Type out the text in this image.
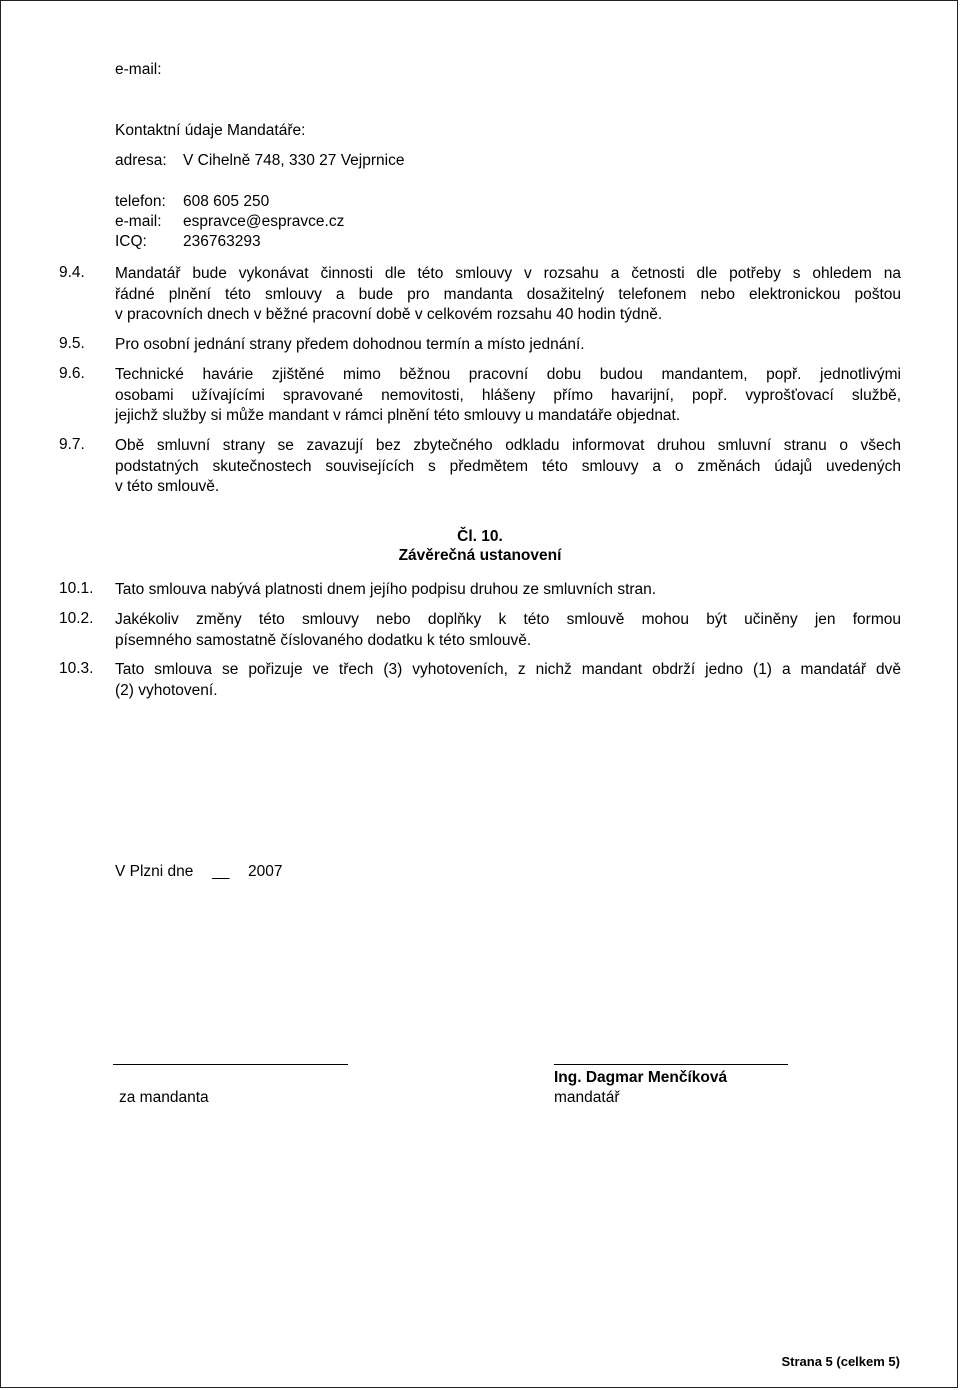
e-mail:
Kontaktní údaje Mandatáře:
adresa: V Cihelně 748, 330 27 Vejprnice
telefon: 608 605 250
e-mail: espravce@espravce.cz
ICQ: 236763293
9.4. Mandatář bude vykonávat činnosti dle této smlouvy v rozsahu a četnosti dle potřeby s ohledem na
řádné plnění této smlouvy a bude pro mandanta dosažitelný telefonem nebo elektronickou poštou
v pracovních dnech v běžné pracovní době v celkovém rozsahu 40 hodin týdně.
9.5. Pro osobní jednání strany předem dohodnou termín a místo jednání.
9.6. Technické havárie zjištěné mimo běžnou pracovní dobu budou mandantem, popř. jednotlivými
osobami užívajícími spravované nemovitosti, hlášeny přímo havarijní, popř. vyprošťovací službě,
jejichž služby si může mandant v rámci plnění této smlouvy u mandatáře objednat.
9.7. Obě smluvní strany se zavazují bez zbytečného odkladu informovat druhou smluvní stranu o všech
podstatných skutečnostech souvisejících s předmětem této smlouvy a o změnách údajů uvedených
v této smlouvě.
Čl. 10.
Závěrečná ustanovení
10.1. Tato smlouva nabývá platnosti dnem jejího podpisu druhou ze smluvních stran.
10.2. Jakékoliv změny této smlouvy nebo doplňky k této smlouvě mohou být učiněny jen formou
písemného samostatně číslovaného dodatku k této smlouvě.
10.3. Tato smlouva se pořizuje ve třech (3) vyhotoveních, z nichž mandant obdrží jedno (1) a mandatář dvě
(2) vyhotovení.
V Plzni dne __ 2007
za mandanta
Ing. Dagmar Menčíková
mandatář
Strana 5 (celkem 5)
